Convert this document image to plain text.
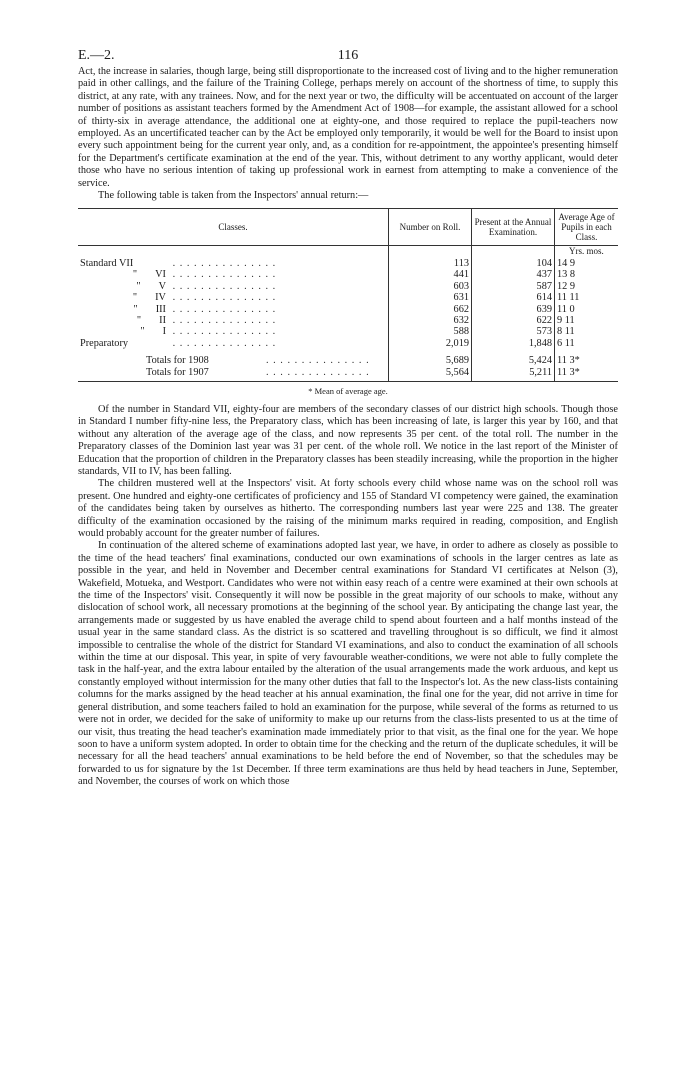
E.—2.	116

Act, the increase in salaries, though large, being still disproportionate to the increased cost of living and to the higher remuneration paid in other callings, and the failure of the Training College, perhaps merely on account of the shortness of time, to supply this district, at any rate, with any trainees. Now, and for the next year or two, the difficulty will be accentuated on account of the larger number of positions as assistant teachers formed by the Amendment Act of 1908—for example, the assistant allowed for a school of thirty-six in average attendance, the additional one at eighty-one, and those required to replace the pupil-teachers now employed. As an uncertificated teacher can by the Act be employed only temporarily, it would be well for the Board to insist upon every such appointment being for the current year only, and, as a condition for re-appointment, the appointee's presenting himself for the Department's certificate examination at the end of the year. This, without detriment to any worthy applicant, would deter those who have no serious intention of taking up professional work in earnest from attempting to make a convenience of the service.

The following table is taken from the Inspectors' annual return:—

Classes.	Number on Roll.	Present at the Annual Examination.	Average Age of Pupils in each Class.
			Yrs. mos.
Standard VII . . . . . . . . . . . . . . .	113	104	14 9
" VI . . . . . . . . . . . . . . .	441	437	13 8
" V . . . . . . . . . . . . . . .	603	587	12 9
" IV . . . . . . . . . . . . . . .	631	614	11 11
" III . . . . . . . . . . . . . . .	662	639	11 0
" II . . . . . . . . . . . . . . .	632	622	9 11
" I . . . . . . . . . . . . . . .	588	573	8 11
Preparatory . . . . . . . . . . . . . . .	2,019	1,848	6 11

Totals for 1908 . . . . . . . . . . . . . . .	5,689	5,424	11 3*
Totals for 1907 . . . . . . . . . . . . . . .	5,564	5,211	11 3*
* Mean of average age.

Of the number in Standard VII, eighty-four are members of the secondary classes of our district high schools. Though those in Standard I number fifty-nine less, the Preparatory class, which has been increasing of late, is larger this year by 160, and that without any alteration of the average age of the class, and now represents 35 per cent. of the total roll. The number in the Preparatory classes of the Dominion last year was 31 per cent. of the whole roll. We notice in the last report of the Minister of Education that the proportion of children in the Preparatory classes has been steadily increasing, while the proportion in the higher standards, VII to IV, has been falling.

The children mustered well at the Inspectors' visit. At forty schools every child whose name was on the school roll was present. One hundred and eighty-one certificates of proficiency and 155 of Standard VI competency were gained, the examination of the candidates being taken by ourselves as hitherto. The corresponding numbers last year were 225 and 138. The greater difficulty of the examination occasioned by the raising of the minimum marks required in reading, composition, and English would probably account for the greater number of failures.

In continuation of the altered scheme of examinations adopted last year, we have, in order to adhere as closely as possible to the time of the head teachers' final examinations, conducted our own examinations of schools in the larger centres as late as possible in the year, and held in November and December central examinations for Standard VI certificates at Nelson (3), Wakefield, Motueka, and Westport. Candidates who were not within easy reach of a centre were examined at their own schools at the time of the Inspectors' visit. Consequently it will now be possible in the great majority of our schools to make, without any dislocation of school work, all necessary promotions at the beginning of the school year. By anticipating the change last year, the arrangements made or suggested by us have enabled the average child to spend about fourteen and a half months instead of the usual year in the same standard class. As the district is so scattered and travelling throughout is so difficult, we find it almost impossible to centralise the whole of the district for Standard VI examinations, and also to conduct the examination of all schools within the time at our disposal. This year, in spite of very favourable weather-conditions, we were not able to fully complete the task in the half-year, and the extra labour entailed by the alteration of the usual arrangements made the work arduous, and kept us constantly employed without intermission for the many other duties that fall to the Inspector's lot. As the new class-lists containing columns for the marks assigned by the head teacher at his annual examination, the final one for the year, did not arrive in time for general distribution, and some teachers failed to hold an examination for the purpose, while several of the forms as returned to us were not in order, we decided for the sake of uniformity to make up our returns from the class-lists presented to us at the time of our visit, thus treating the head teacher's examination made immediately prior to that visit, as the final one for the year. We hope soon to have a uniform system adopted. In order to obtain time for the checking and the return of the duplicate schedules, it will be necessary for all the head teachers' annual examinations to be held before the end of November, so that the schedules may be forwarded to us for signature by the 1st December. If three term examinations are thus held by head teachers in June, September, and November, the courses of work on which those
